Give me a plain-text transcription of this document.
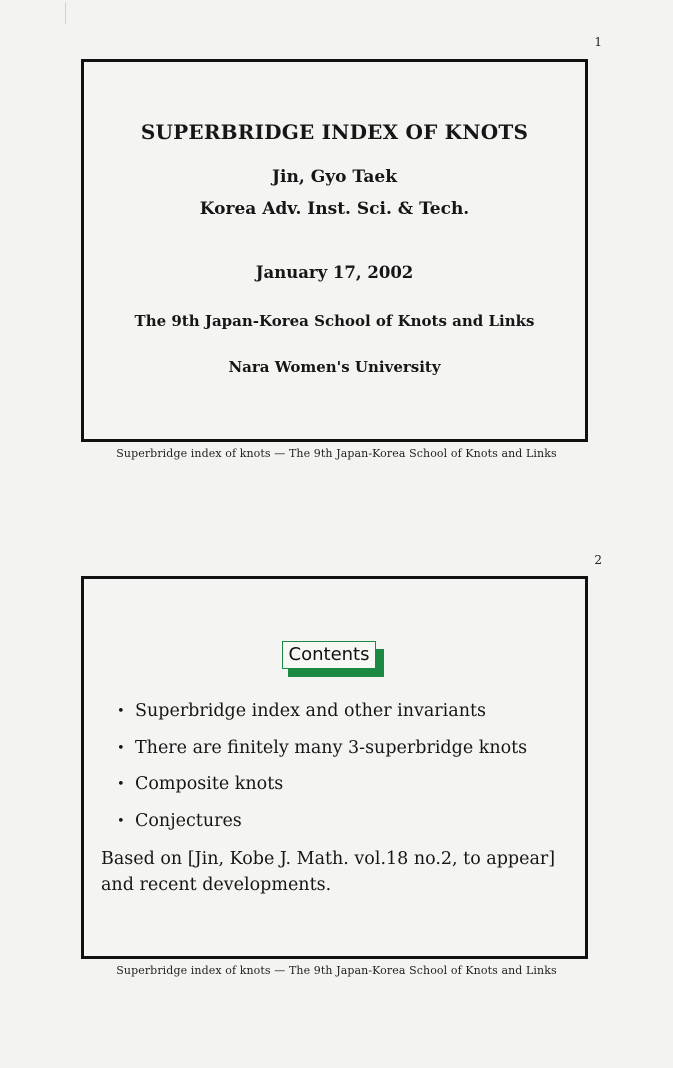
1
SUPERBRIDGE INDEX OF KNOTS
Jin, Gyo Taek
Korea Adv. Inst. Sci. & Tech.
January 17, 2002
The 9th Japan-Korea School of Knots and Links
Nara Women's University
Superbridge index of knots — The 9th Japan-Korea School of Knots and Links
2
Contents
• Superbridge index and other invariants
• There are finitely many 3-superbridge knots
• Composite knots
• Conjectures

Based on [Jin, Kobe J. Math. vol.18 no.2, to appear]
and recent developments.

Superbridge index of knots — The 9th Japan-Korea School of Knots and Links
